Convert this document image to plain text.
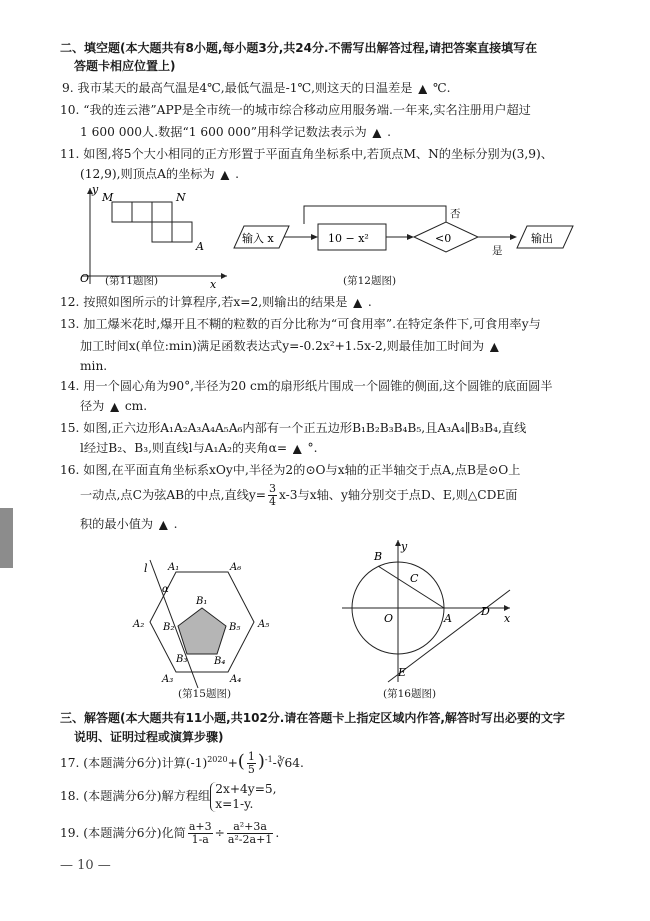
二、填空题(本大题共有8小题,每小题3分,共24分.不需写出解答过程,请把答案直接填写在
答题卡相应位置上)
9. 我市某天的最高气温是4℃,最低气温是-1℃,则这天的日温差是 ▲ ℃.
10. “我的连云港”APP是全市统一的城市综合移动应用服务端.一年来,实名注册用户超过
1 600 000人.数据“1 600 000”用科学记数法表示为 ▲ .
11. 如图,将5个大小相同的正方形置于平面直角坐标系中,若顶点M、N的坐标分别为(3,9)、
(12,9),则顶点A的坐标为 ▲ .
y
M	N
A
O	x
(第11题图)
输入 x	10 − x²	<0
否
是
输出
(第12题图)
12. 按照如图所示的计算程序,若x=2,则输出的结果是 ▲ .
13. 加工爆米花时,爆开且不糊的粒数的百分比称为“可食用率”.在特定条件下,可食用率y与
加工时间x(单位:min)满足函数表达式y=-0.2x²+1.5x-2,则最佳加工时间为 ▲
min.
14. 用一个圆心角为90°,半径为20 cm的扇形纸片围成一个圆锥的侧面,这个圆锥的底面圆半
径为 ▲ cm.
15. 如图,正六边形A₁A₂A₃A₄A₅A₆内部有一个正五边形B₁B₂B₃B₄B₅,且A₃A₄∥B₃B₄,直线
l经过B₂、B₃,则直线l与A₁A₂的夹角α= ▲ °.
16. 如图,在平面直角坐标系xOy中,半径为2的⊙O与x轴的正半轴交于点A,点B是⊙O上
一动点,点C为弦AB的中点,直线$y= \frac{3}{4} x-3$与x轴、y轴分别交于点D、E,则△CDE面
积的最小值为 ▲ .
l A₁	A₆
A₂	A₅
A₃	A₄
α
B₁
B₂	B₅
B₃	B₄
(第15题图)
B
y
C
O	A
D
x
E
(第16题图)
三、解答题(本大题共有11小题,共102分.请在答题卡上指定区域内作答,解答时写出必要的文字
说明、证明过程或演算步骤)
17. (本题满分6分)计算$(-1)^{2020}+( \frac{1}{5}$ )$^{-1}-∛64$.
18. (本题满分6分)解方程组
2x+4y=5,
x=1-y.
19. (本题满分6分)化简 $\frac{a+3}{1-a} \div \frac{\text{a²+3a}}{\text{a²-2a+1}}$ .
— 10 —
